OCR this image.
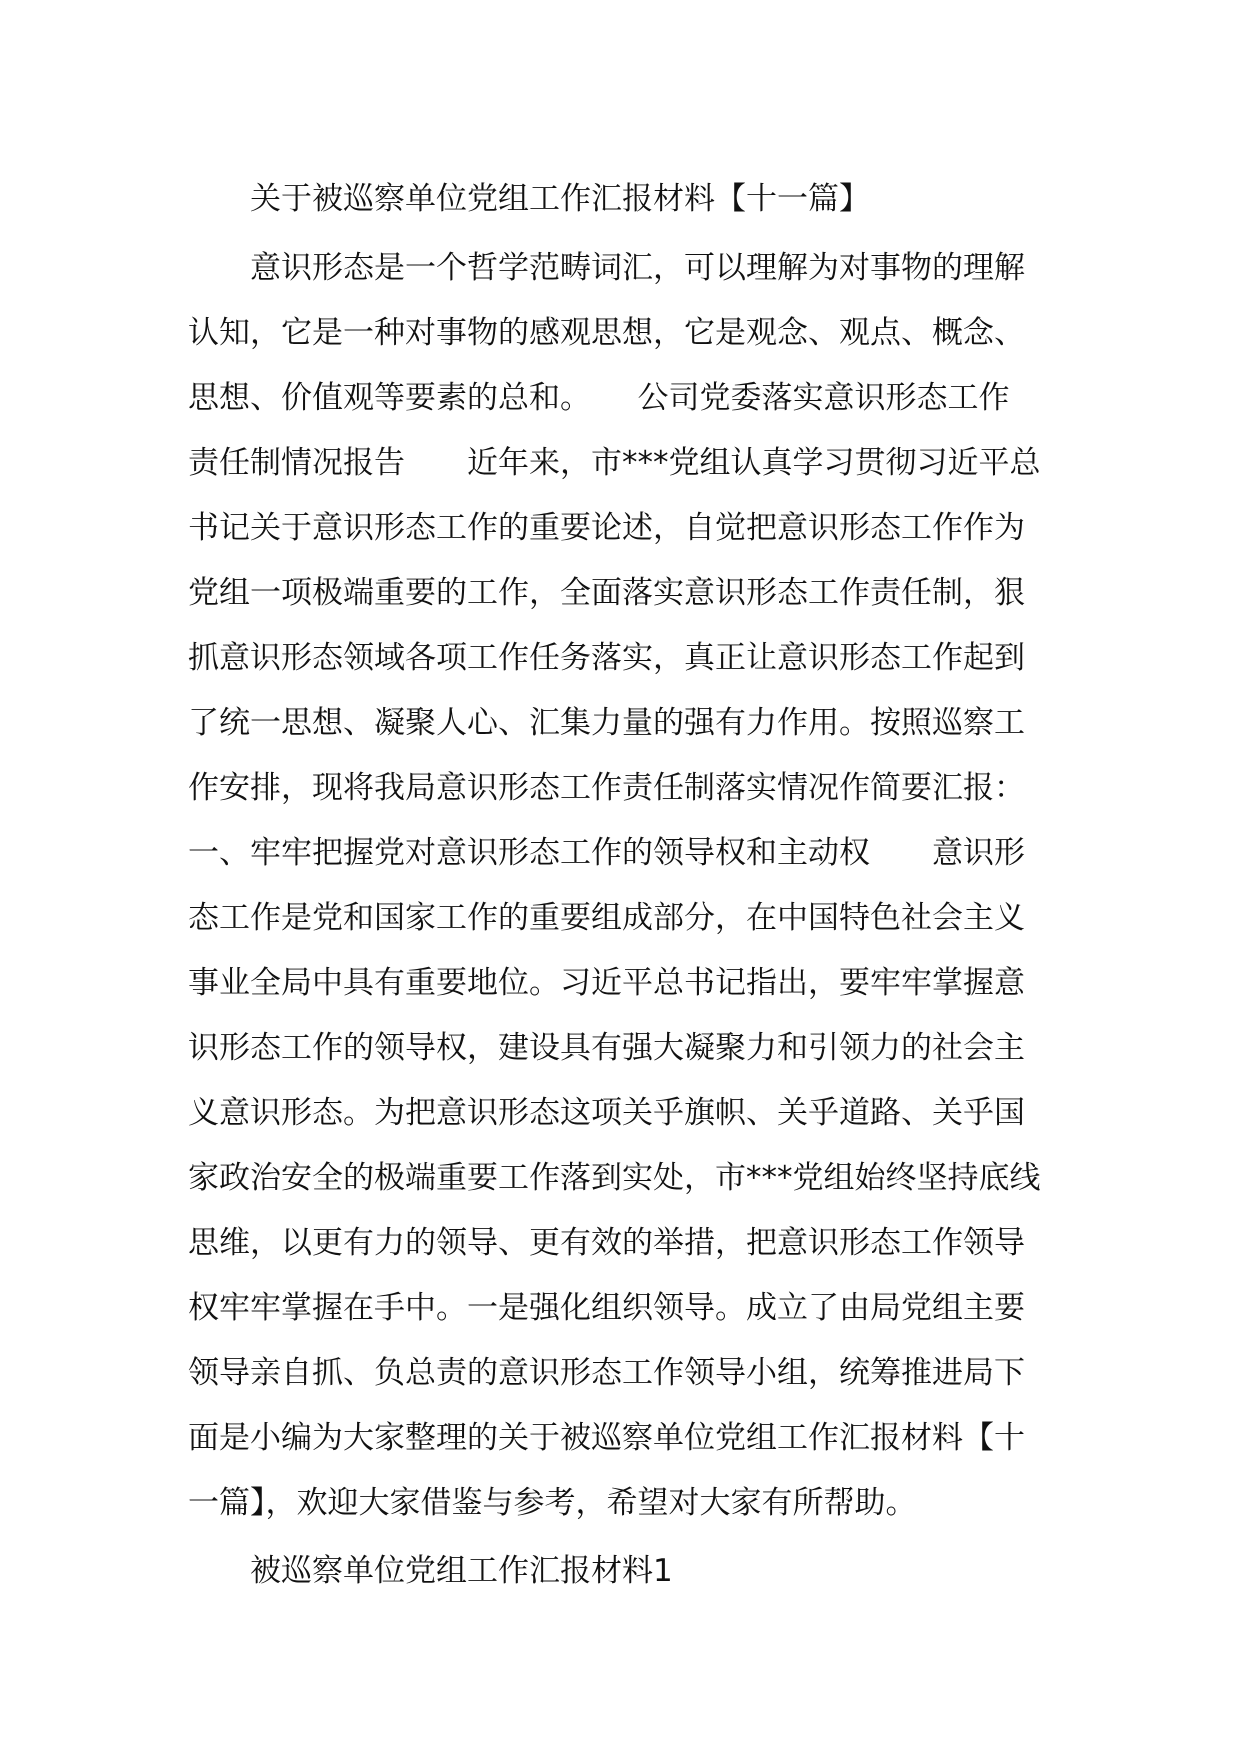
关于被巡察单位党组工作汇报材料【十一篇】
意识形态是一个哲学范畴词汇，可以理解为对事物的理解
认知，它是一种对事物的感观思想，它是观念、观点、概念、
思想、价值观等要素的总和。　　公司党委落实意识形态工作
责任制情况报告　　近年来，市***党组认真学习贯彻习近平总
书记关于意识形态工作的重要论述，自觉把意识形态工作作为
党组一项极端重要的工作，全面落实意识形态工作责任制，狠
抓意识形态领域各项工作任务落实，真正让意识形态工作起到
了统一思想、凝聚人心、汇集力量的强有力作用。按照巡察工
作安排，现将我局意识形态工作责任制落实情况作简要汇报：
一、牢牢把握党对意识形态工作的领导权和主动权　　意识形
态工作是党和国家工作的重要组成部分，在中国特色社会主义
事业全局中具有重要地位。习近平总书记指出，要牢牢掌握意
识形态工作的领导权，建设具有强大凝聚力和引领力的社会主
义意识形态。为把意识形态这项关乎旗帜、关乎道路、关乎国
家政治安全的极端重要工作落到实处，市***党组始终坚持底线
思维，以更有力的领导、更有效的举措，把意识形态工作领导
权牢牢掌握在手中。一是强化组织领导。成立了由局党组主要
领导亲自抓、负总责的意识形态工作领导小组，统筹推进局下
面是小编为大家整理的关于被巡察单位党组工作汇报材料【十
一篇】，欢迎大家借鉴与参考，希望对大家有所帮助。
被巡察单位党组工作汇报材料1
